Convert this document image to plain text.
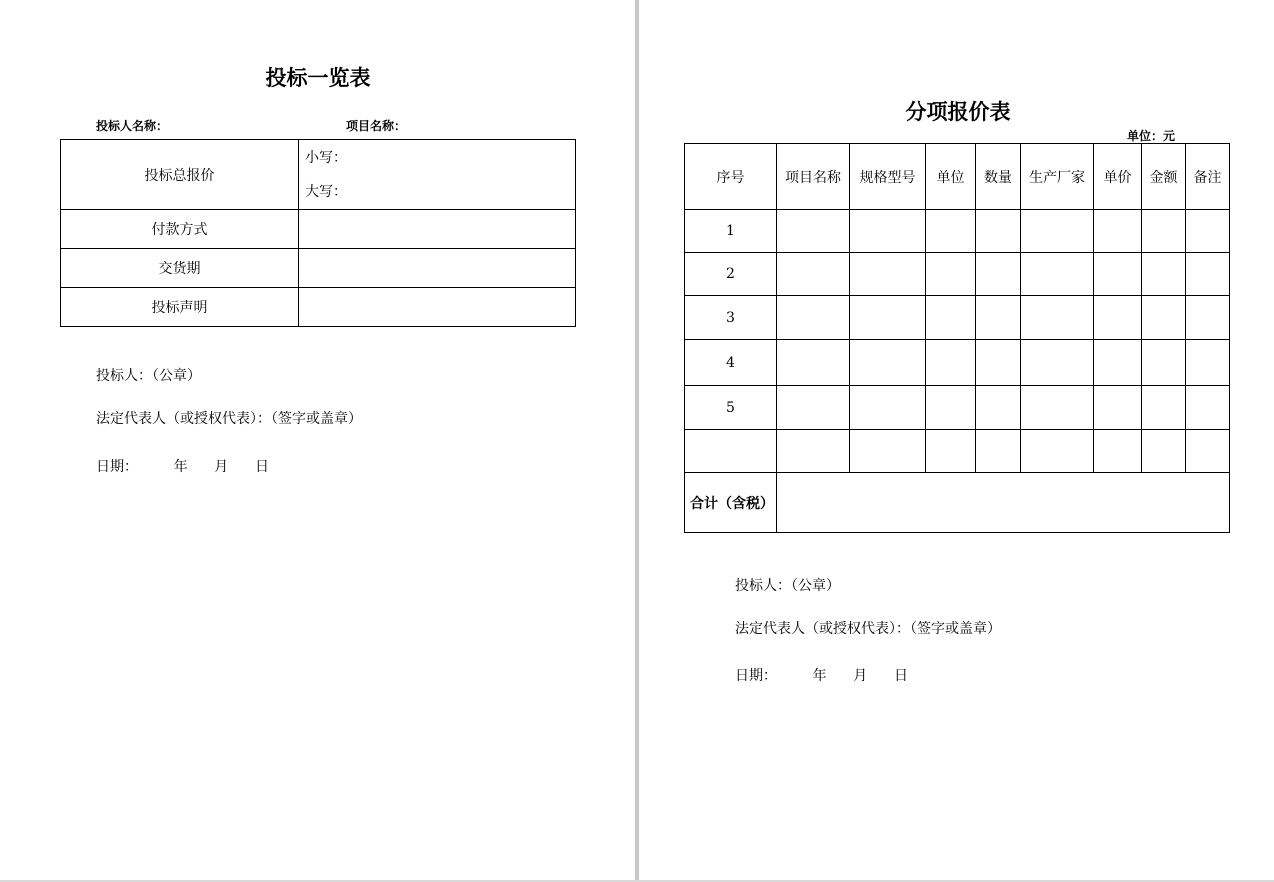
投标一览表
投标人名称：	项目名称：
投标总报价	小写：
大写：

付款方式	
交货期	
投标声明	
投标人：（公章）
法定代表人（或授权代表）：（签字或盖章）
日期：        年      月      日
分项报价表
单位：元
序号	项目名称	规格型号	单位	数量	生产厂家	单价	金额	备注
1								
2								
3								
4								
5								

合计（含税）								
投标人：（公章）
法定代表人（或授权代表）：（签字或盖章）
日期：        年      月      日
